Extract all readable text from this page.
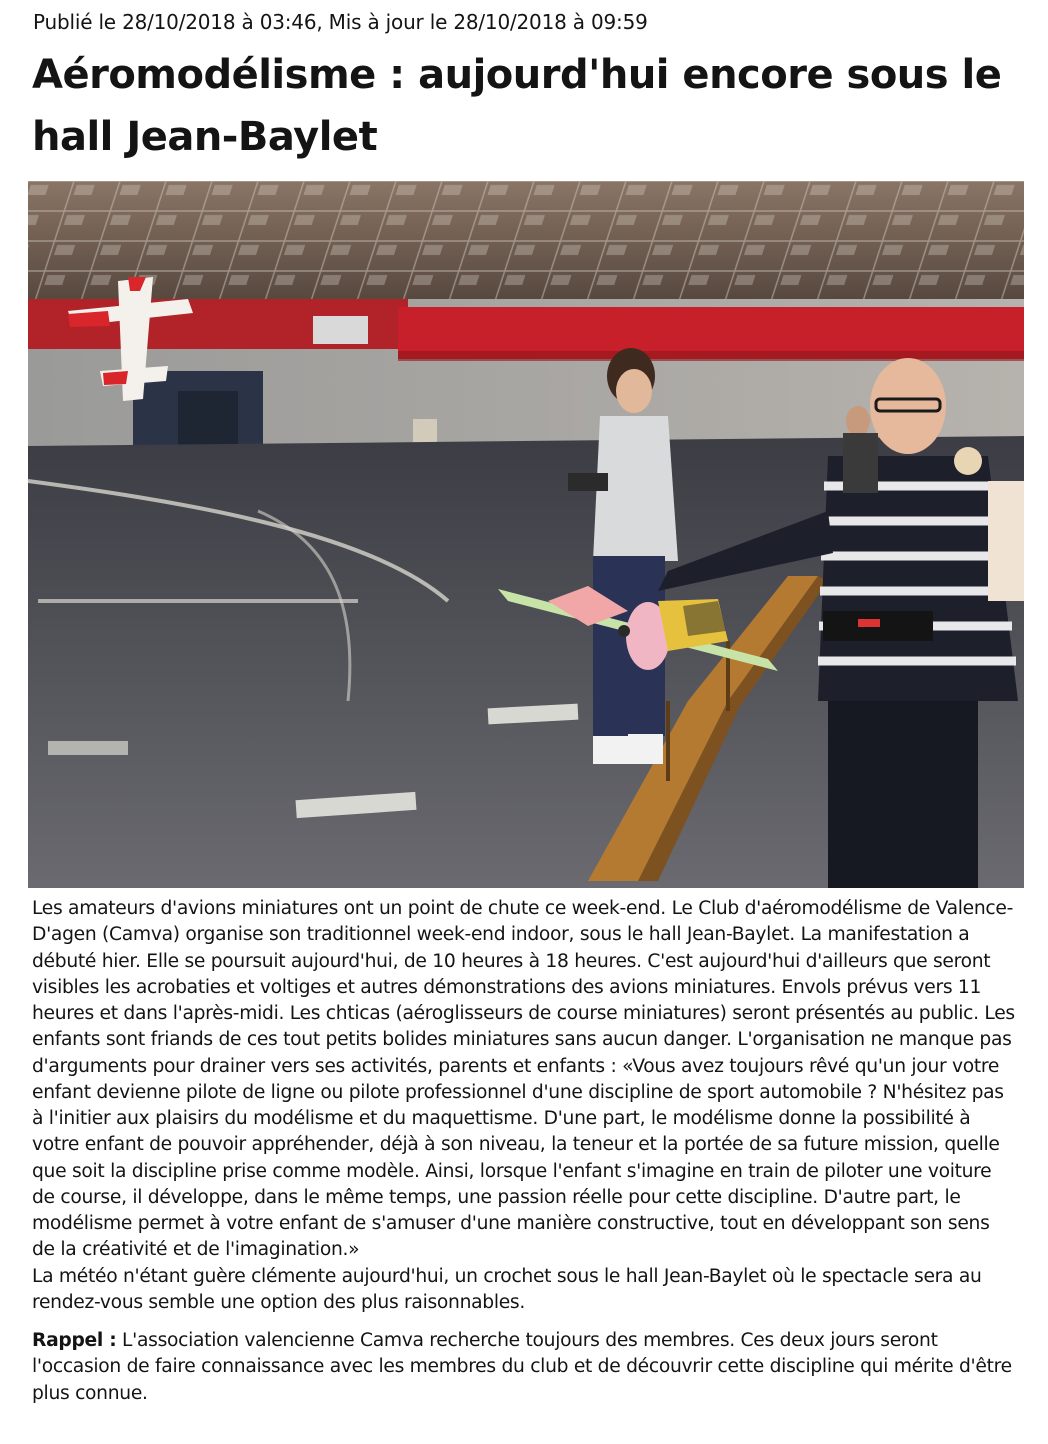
Publié le 28/10/2018 à 03:46, Mis à jour le 28/10/2018 à 09:59
Aéromodélisme : aujourd'hui encore sous le
hall Jean-Baylet

Les amateurs d'avions miniatures ont un point de chute ce week-end. Le Club d'aéromodélisme de Valence-
D'agen (Camva) organise son traditionnel week-end indoor, sous le hall Jean-Baylet. La manifestation a
débuté hier. Elle se poursuit aujourd'hui, de 10 heures à 18 heures. C'est aujourd'hui d'ailleurs que seront
visibles les acrobaties et voltiges et autres démonstrations des avions miniatures. Envols prévus vers 11
heures et dans l'après-midi. Les chticas (aéroglisseurs de course miniatures) seront présentés au public. Les
enfants sont friands de ces tout petits bolides miniatures sans aucun danger. L'organisation ne manque pas
d'arguments pour drainer vers ses activités, parents et enfants : «Vous avez toujours rêvé qu'un jour votre
enfant devienne pilote de ligne ou pilote professionnel d'une discipline de sport automobile ? N'hésitez pas
à l'initier aux plaisirs du modélisme et du maquettisme. D'une part, le modélisme donne la possibilité à
votre enfant de pouvoir appréhender, déjà à son niveau, la teneur et la portée de sa future mission, quelle
que soit la discipline prise comme modèle. Ainsi, lorsque l'enfant s'imagine en train de piloter une voiture
de course, il développe, dans le même temps, une passion réelle pour cette discipline. D'autre part, le
modélisme permet à votre enfant de s'amuser d'une manière constructive, tout en développant son sens
de la créativité et de l'imagination.»
La météo n'étant guère clémente aujourd'hui, un crochet sous le hall Jean-Baylet où le spectacle sera au
rendez-vous semble une option des plus raisonnables.

Rappel : L'association valencienne Camva recherche toujours des membres. Ces deux jours seront
l'occasion de faire connaissance avec les membres du club et de découvrir cette discipline qui mérite d'être
plus connue.
